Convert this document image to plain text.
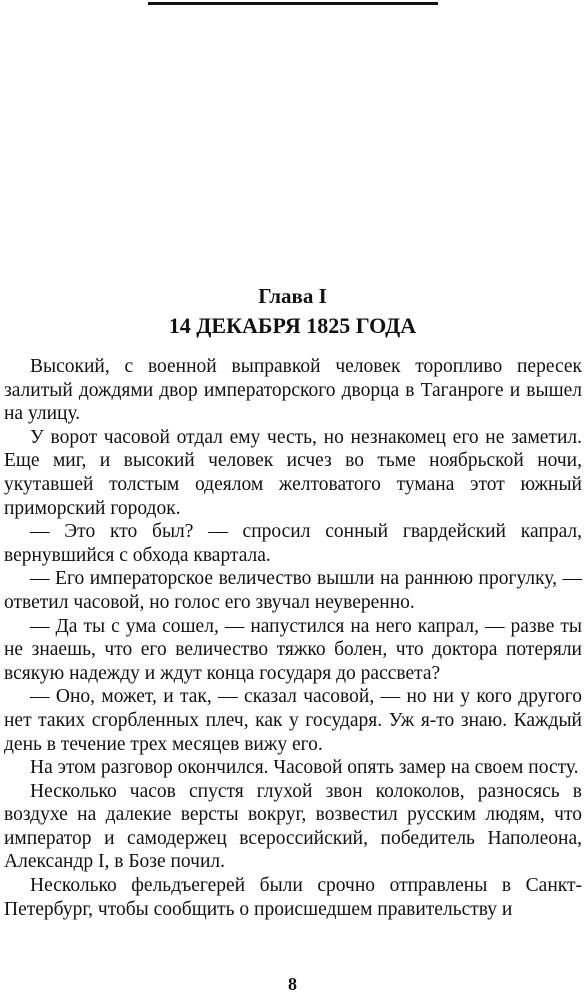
Глава I
14 ДЕКАБРЯ 1825 ГОДА

Высокий, с военной выправкой человек торопливо пересек залитый дождями двор императорского дворца в Таганроге и вышел на улицу.

У ворот часовой отдал ему честь, но незнакомец его не заметил. Еще миг, и высокий человек исчез во тьме ноябрьской ночи, укутавшей толстым одеялом желтоватого тумана этот южный приморский городок.

— Это кто был? — спросил сонный гвардейский капрал, вернувшийся с обхода квартала.

— Его императорское величество вышли на раннюю прогулку, — ответил часовой, но голос его звучал неуверенно.

— Да ты с ума сошел, — напустился на него капрал, — разве ты не знаешь, что его величество тяжко болен, что доктора потеряли всякую надежду и ждут конца государя до рассвета?

— Оно, может, и так, — сказал часовой, — но ни у кого другого нет таких сгорбленных плеч, как у государя. Уж я-то знаю. Каждый день в течение трех месяцев вижу его.

На этом разговор окончился. Часовой опять замер на своем посту.

Несколько часов спустя глухой звон колоколов, разносясь в воздухе на далекие версты вокруг, возвестил русским людям, что император и самодержец всероссийский, победитель Наполеона, Александр I, в Бозе почил.

Несколько фельдъегерей были срочно отправлены в Санкт-Петербург, чтобы сообщить о происшедшем правительству и

8
